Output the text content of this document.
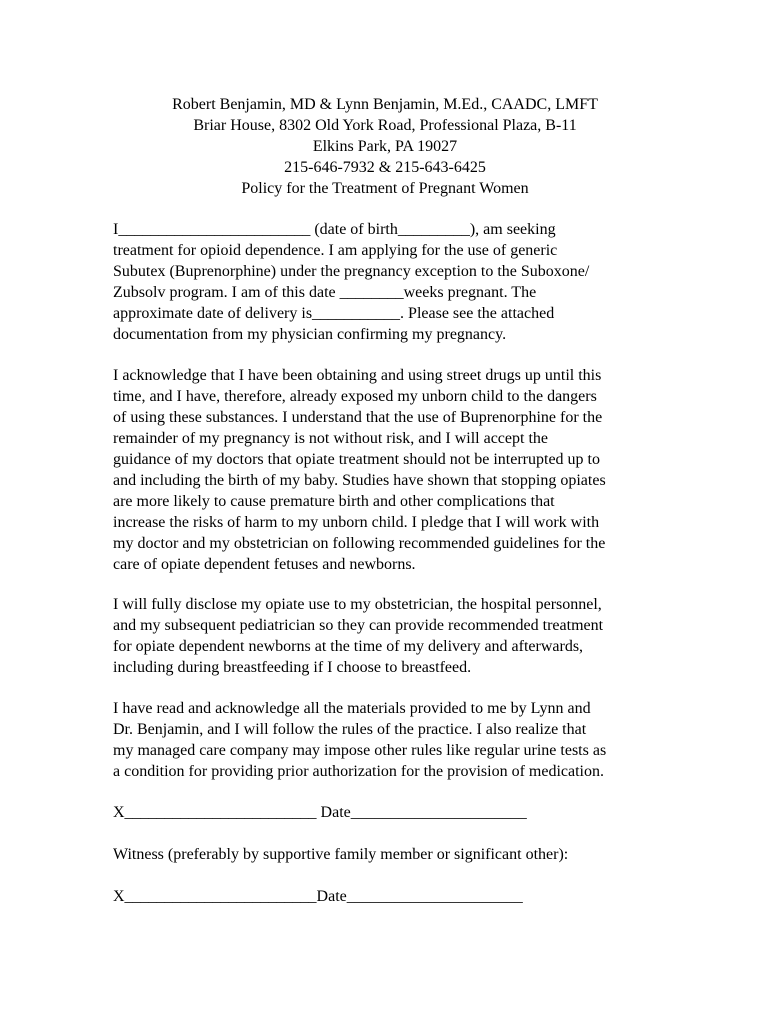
Robert Benjamin, MD & Lynn Benjamin, M.Ed., CAADC, LMFT
Briar House, 8302 Old York Road, Professional Plaza, B-11
Elkins Park, PA 19027
215-646-7932 & 215-643-6425
Policy for the Treatment of Pregnant Women
I________________________ (date of birth_________), am seeking
treatment for opioid dependence. I am applying for the use of generic
Subutex (Buprenorphine) under the pregnancy exception to the Suboxone/
Zubsolv program. I am of this date ________weeks pregnant. The
approximate date of delivery is___________. Please see the attached
documentation from my physician confirming my pregnancy.
I acknowledge that I have been obtaining and using street drugs up until this
time, and I have, therefore, already exposed my unborn child to the dangers
of using these substances. I understand that the use of Buprenorphine for the
remainder of my pregnancy is not without risk, and I will accept the
guidance of my doctors that opiate treatment should not be interrupted up to
and including the birth of my baby. Studies have shown that stopping opiates
are more likely to cause premature birth and other complications that
increase the risks of harm to my unborn child. I pledge that I will work with
my doctor and my obstetrician on following recommended guidelines for the
care of opiate dependent fetuses and newborns.
I will fully disclose my opiate use to my obstetrician, the hospital personnel,
and my subsequent pediatrician so they can provide recommended treatment
for opiate dependent newborns at the time of my delivery and afterwards,
including during breastfeeding if I choose to breastfeed.
I have read and acknowledge all the materials provided to me by Lynn and
Dr. Benjamin, and I will follow the rules of the practice. I also realize that
my managed care company may impose other rules like regular urine tests as
a condition for providing prior authorization for the provision of medication.
X________________________ Date______________________
Witness (preferably by supportive family member or significant other):
X________________________Date______________________
